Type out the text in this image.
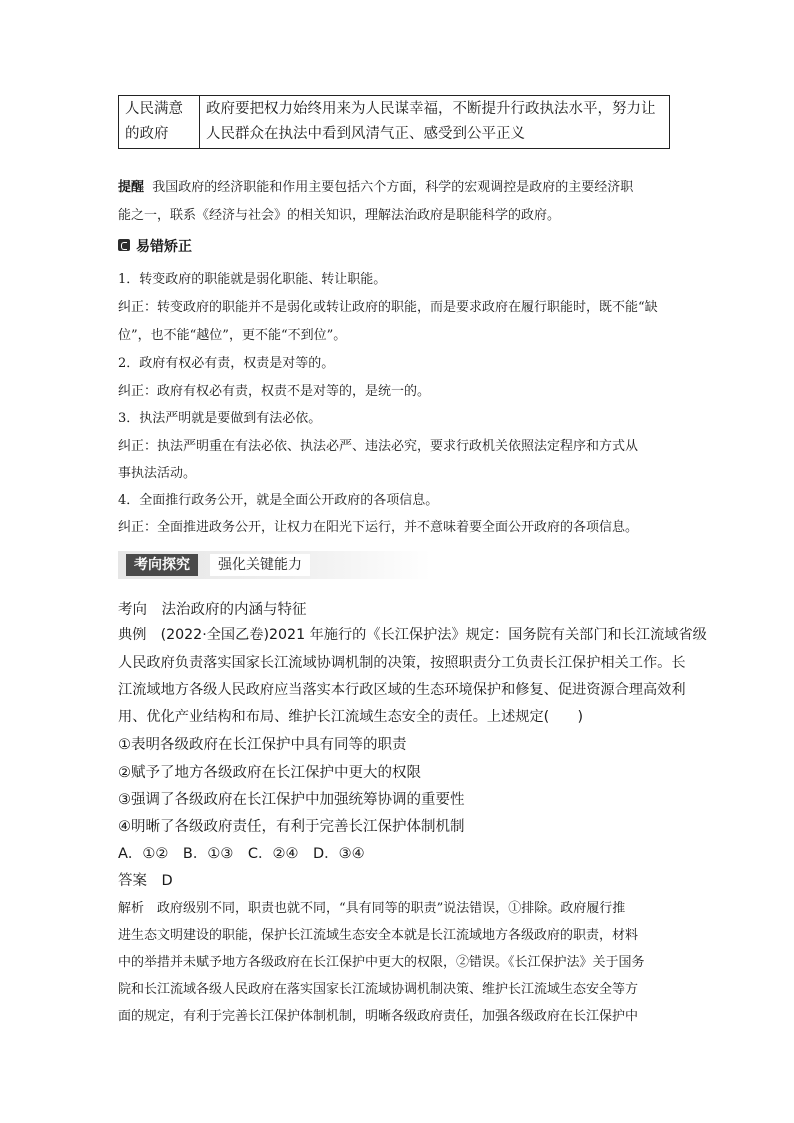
人民满意的政府	政府要把权力始终用来为人民谋幸福，不断提升行政执法水平，努力让人民群众在执法中看到风清气正、感受到公平正义
提醒 我国政府的经济职能和作用主要包括六个方面，科学的宏观调控是政府的主要经济职
能之一，联系《经济与社会》的相关知识，理解法治政府是职能科学的政府。
易错矫正
1．转变政府的职能就是弱化职能、转让职能。
纠正：转变政府的职能并不是弱化或转让政府的职能，而是要求政府在履行职能时，既不能“缺
位”，也不能“越位”，更不能“不到位”。
2．政府有权必有责，权责是对等的。
纠正：政府有权必有责，权责不是对等的，是统一的。
3．执法严明就是要做到有法必依。
纠正：执法严明重在有法必依、执法必严、违法必究，要求行政机关依照法定程序和方式从
事执法活动。
4．全面推行政务公开，就是全面公开政府的各项信息。
纠正：全面推进政务公开，让权力在阳光下运行，并不意味着要全面公开政府的各项信息。
考向探究	强化关键能力
考向　法治政府的内涵与特征
典例　(2022·全国乙卷)2021 年施行的《长江保护法》规定：国务院有关部门和长江流域省级
人民政府负责落实国家长江流域协调机制的决策，按照职责分工负责长江保护相关工作。长
江流域地方各级人民政府应当落实本行政区域的生态环境保护和修复、促进资源合理高效利
用、优化产业结构和布局、维护长江流域生态安全的责任。上述规定(　　)
①表明各级政府在长江保护中具有同等的职责
②赋予了地方各级政府在长江保护中更大的权限
③强调了各级政府在长江保护中加强统筹协调的重要性
④明晰了各级政府责任，有利于完善长江保护体制机制
A．①②　B．①③　C．②④　D．③④
答案　D
解析　政府级别不同，职责也就不同，“具有同等的职责”说法错误，①排除。政府履行推
进生态文明建设的职能，保护长江流域生态安全本就是长江流域地方各级政府的职责，材料
中的举措并未赋予地方各级政府在长江保护中更大的权限，②错误。《长江保护法》关于国务
院和长江流域各级人民政府在落实国家长江流域协调机制决策、维护长江流域生态安全等方
面的规定，有利于完善长江保护体制机制，明晰各级政府责任，加强各级政府在长江保护中
